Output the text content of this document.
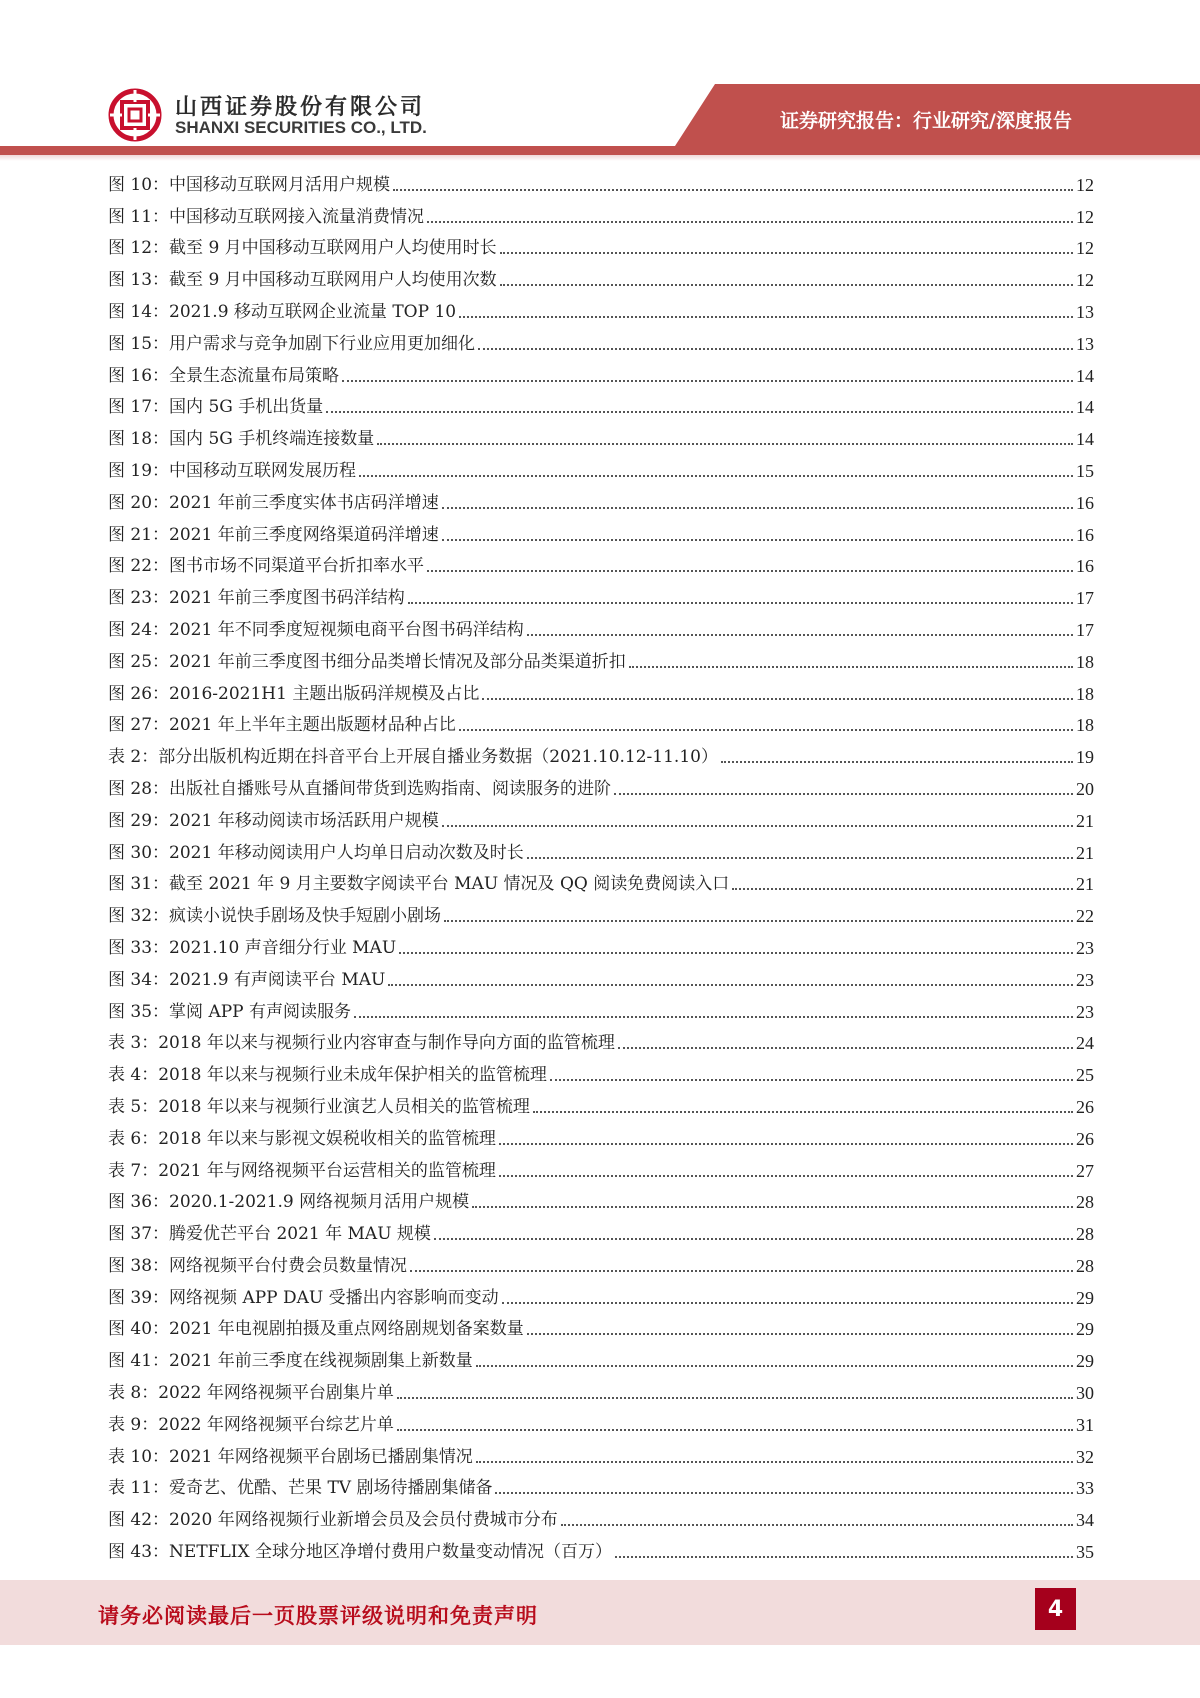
山西证券股份有限公司
SHANXI SECURITIES CO., LTD.	证券研究报告：行业研究/深度报告
图 10：中国移动互联网月活用户规模	12
图 11：中国移动互联网接入流量消费情况	12
图 12：截至 9 月中国移动互联网用户人均使用时长	12
图 13：截至 9 月中国移动互联网用户人均使用次数	12
图 14：2021.9 移动互联网企业流量 TOP 10	13
图 15：用户需求与竞争加剧下行业应用更加细化	13
图 16：全景生态流量布局策略	14
图 17：国内 5G 手机出货量	14
图 18：国内 5G 手机终端连接数量	14
图 19：中国移动互联网发展历程	15
图 20：2021 年前三季度实体书店码洋增速	16
图 21：2021 年前三季度网络渠道码洋增速	16
图 22：图书市场不同渠道平台折扣率水平	16
图 23：2021 年前三季度图书码洋结构	17
图 24：2021 年不同季度短视频电商平台图书码洋结构	17
图 25：2021 年前三季度图书细分品类增长情况及部分品类渠道折扣	18
图 26：2016-2021H1 主题出版码洋规模及占比	18
图 27：2021 年上半年主题出版题材品种占比	18
表 2：部分出版机构近期在抖音平台上开展自播业务数据（2021.10.12-11.10）	19
图 28：出版社自播账号从直播间带货到选购指南、阅读服务的进阶	20
图 29：2021 年移动阅读市场活跃用户规模	21
图 30：2021 年移动阅读用户人均单日启动次数及时长	21
图 31：截至 2021 年 9 月主要数字阅读平台 MAU 情况及 QQ 阅读免费阅读入口	21
图 32：疯读小说快手剧场及快手短剧小剧场	22
图 33：2021.10 声音细分行业 MAU	23
图 34：2021.9 有声阅读平台 MAU	23
图 35：掌阅 APP 有声阅读服务	23
表 3：2018 年以来与视频行业内容审查与制作导向方面的监管梳理	24
表 4：2018 年以来与视频行业未成年保护相关的监管梳理	25
表 5：2018 年以来与视频行业演艺人员相关的监管梳理	26
表 6：2018 年以来与影视文娱税收相关的监管梳理	26
表 7：2021 年与网络视频平台运营相关的监管梳理	27
图 36：2020.1-2021.9 网络视频月活用户规模	28
图 37：腾爱优芒平台 2021 年 MAU 规模	28
图 38：网络视频平台付费会员数量情况	28
图 39：网络视频 APP DAU 受播出内容影响而变动	29
图 40：2021 年电视剧拍摄及重点网络剧规划备案数量	29
图 41：2021 年前三季度在线视频剧集上新数量	29
表 8：2022 年网络视频平台剧集片单	30
表 9：2022 年网络视频平台综艺片单	31
表 10：2021 年网络视频平台剧场已播剧集情况	32
表 11：爱奇艺、优酷、芒果 TV 剧场待播剧集储备	33
图 42：2020 年网络视频行业新增会员及会员付费城市分布	34
图 43：NETFLIX 全球分地区净增付费用户数量变动情况（百万）	35
请务必阅读最后一页股票评级说明和免责声明	4
